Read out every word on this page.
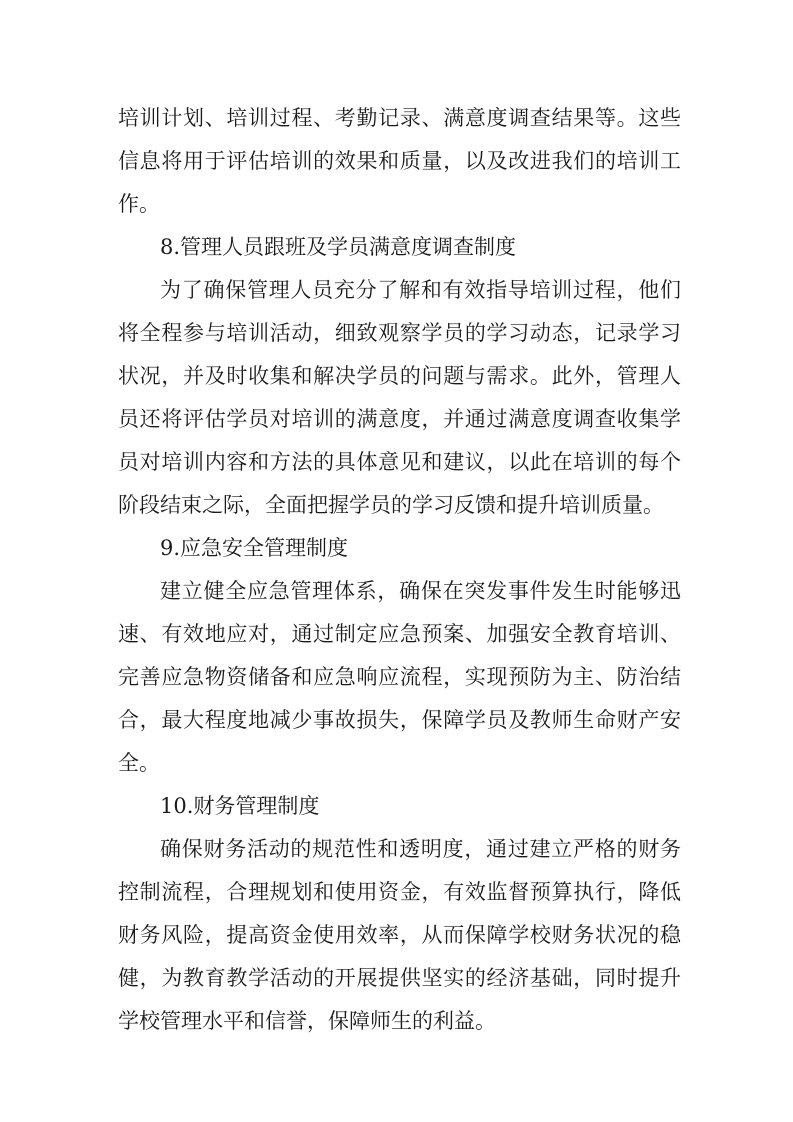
培训计划、培训过程、考勤记录、满意度调查结果等。这些信息将用于评估培训的效果和质量，以及改进我们的培训工作。

8.管理人员跟班及学员满意度调查制度

为了确保管理人员充分了解和有效指导培训过程，他们将全程参与培训活动，细致观察学员的学习动态，记录学习状况，并及时收集和解决学员的问题与需求。此外，管理人员还将评估学员对培训的满意度，并通过满意度调查收集学员对培训内容和方法的具体意见和建议，以此在培训的每个阶段结束之际，全面把握学员的学习反馈和提升培训质量。

9.应急安全管理制度

建立健全应急管理体系，确保在突发事件发生时能够迅速、有效地应对，通过制定应急预案、加强安全教育培训、完善应急物资储备和应急响应流程，实现预防为主、防治结合，最大程度地减少事故损失，保障学员及教师生命财产安全。

10.财务管理制度

确保财务活动的规范性和透明度，通过建立严格的财务控制流程，合理规划和使用资金，有效监督预算执行，降低财务风险，提高资金使用效率，从而保障学校财务状况的稳健，为教育教学活动的开展提供坚实的经济基础，同时提升学校管理水平和信誉，保障师生的利益。
